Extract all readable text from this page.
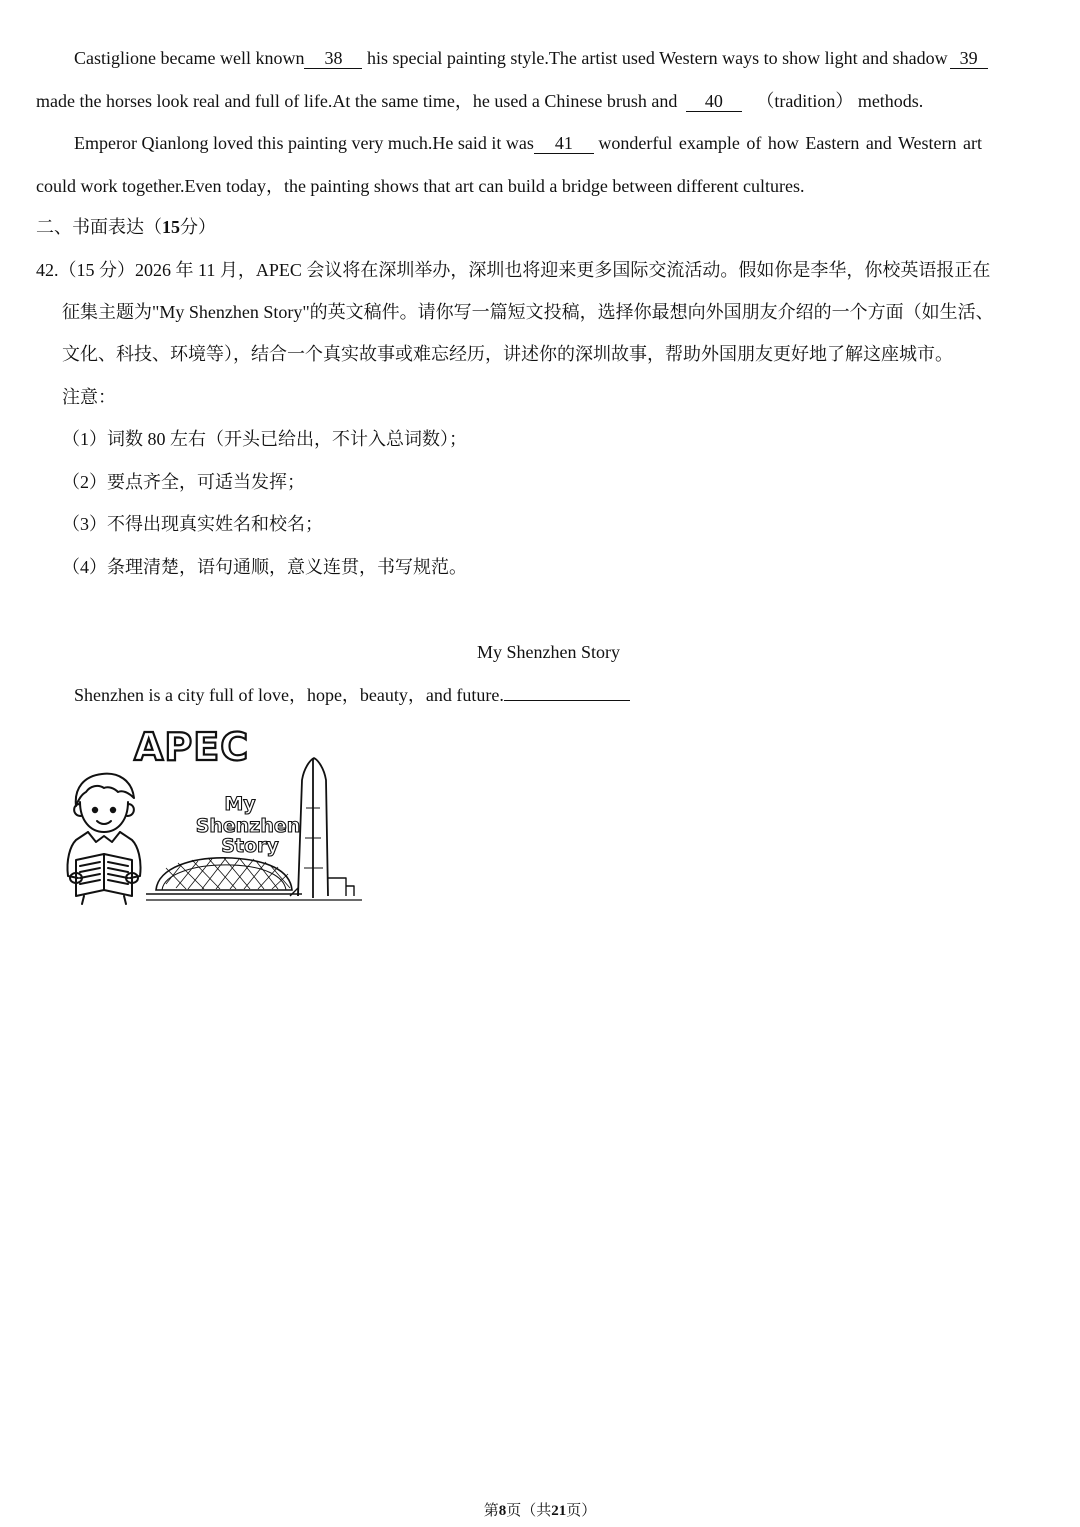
Castiglione became well known 38 his special painting style.The artist used Western ways to show light and shadow 39
made the horses look real and full of life.At the same time，he used a Chinese brush and 40 （tradition） methods.
Emperor Qianlong loved this painting very much.He said it was 41 wonderful example of how Eastern and Western art
could work together.Even today，the painting shows that art can build a bridge between different cultures.
二、书面表达（15分）
42.（15 分）2026 年 11 月，APEC 会议将在深圳举办，深圳也将迎来更多国际交流活动。假如你是李华，你校英语报正在
征集主题为"My Shenzhen Story"的英文稿件。请你写一篇短文投稿，选择你最想向外国朋友介绍的一个方面（如生活、
文化、科技、环境等），结合一个真实故事或难忘经历，讲述你的深圳故事，帮助外国朋友更好地了解这座城市。
注意：
（1）词数 80 左右（开头已给出，不计入总词数）；
（2）要点齐全，可适当发挥；
（3）不得出现真实姓名和校名；
（4）条理清楚，语句通顺，意义连贯，书写规范。
My Shenzhen Story
Shenzhen is a city full of love，hope，beauty，and future.
APEC
My
Shenzhen
Story
第8页（共21页）
